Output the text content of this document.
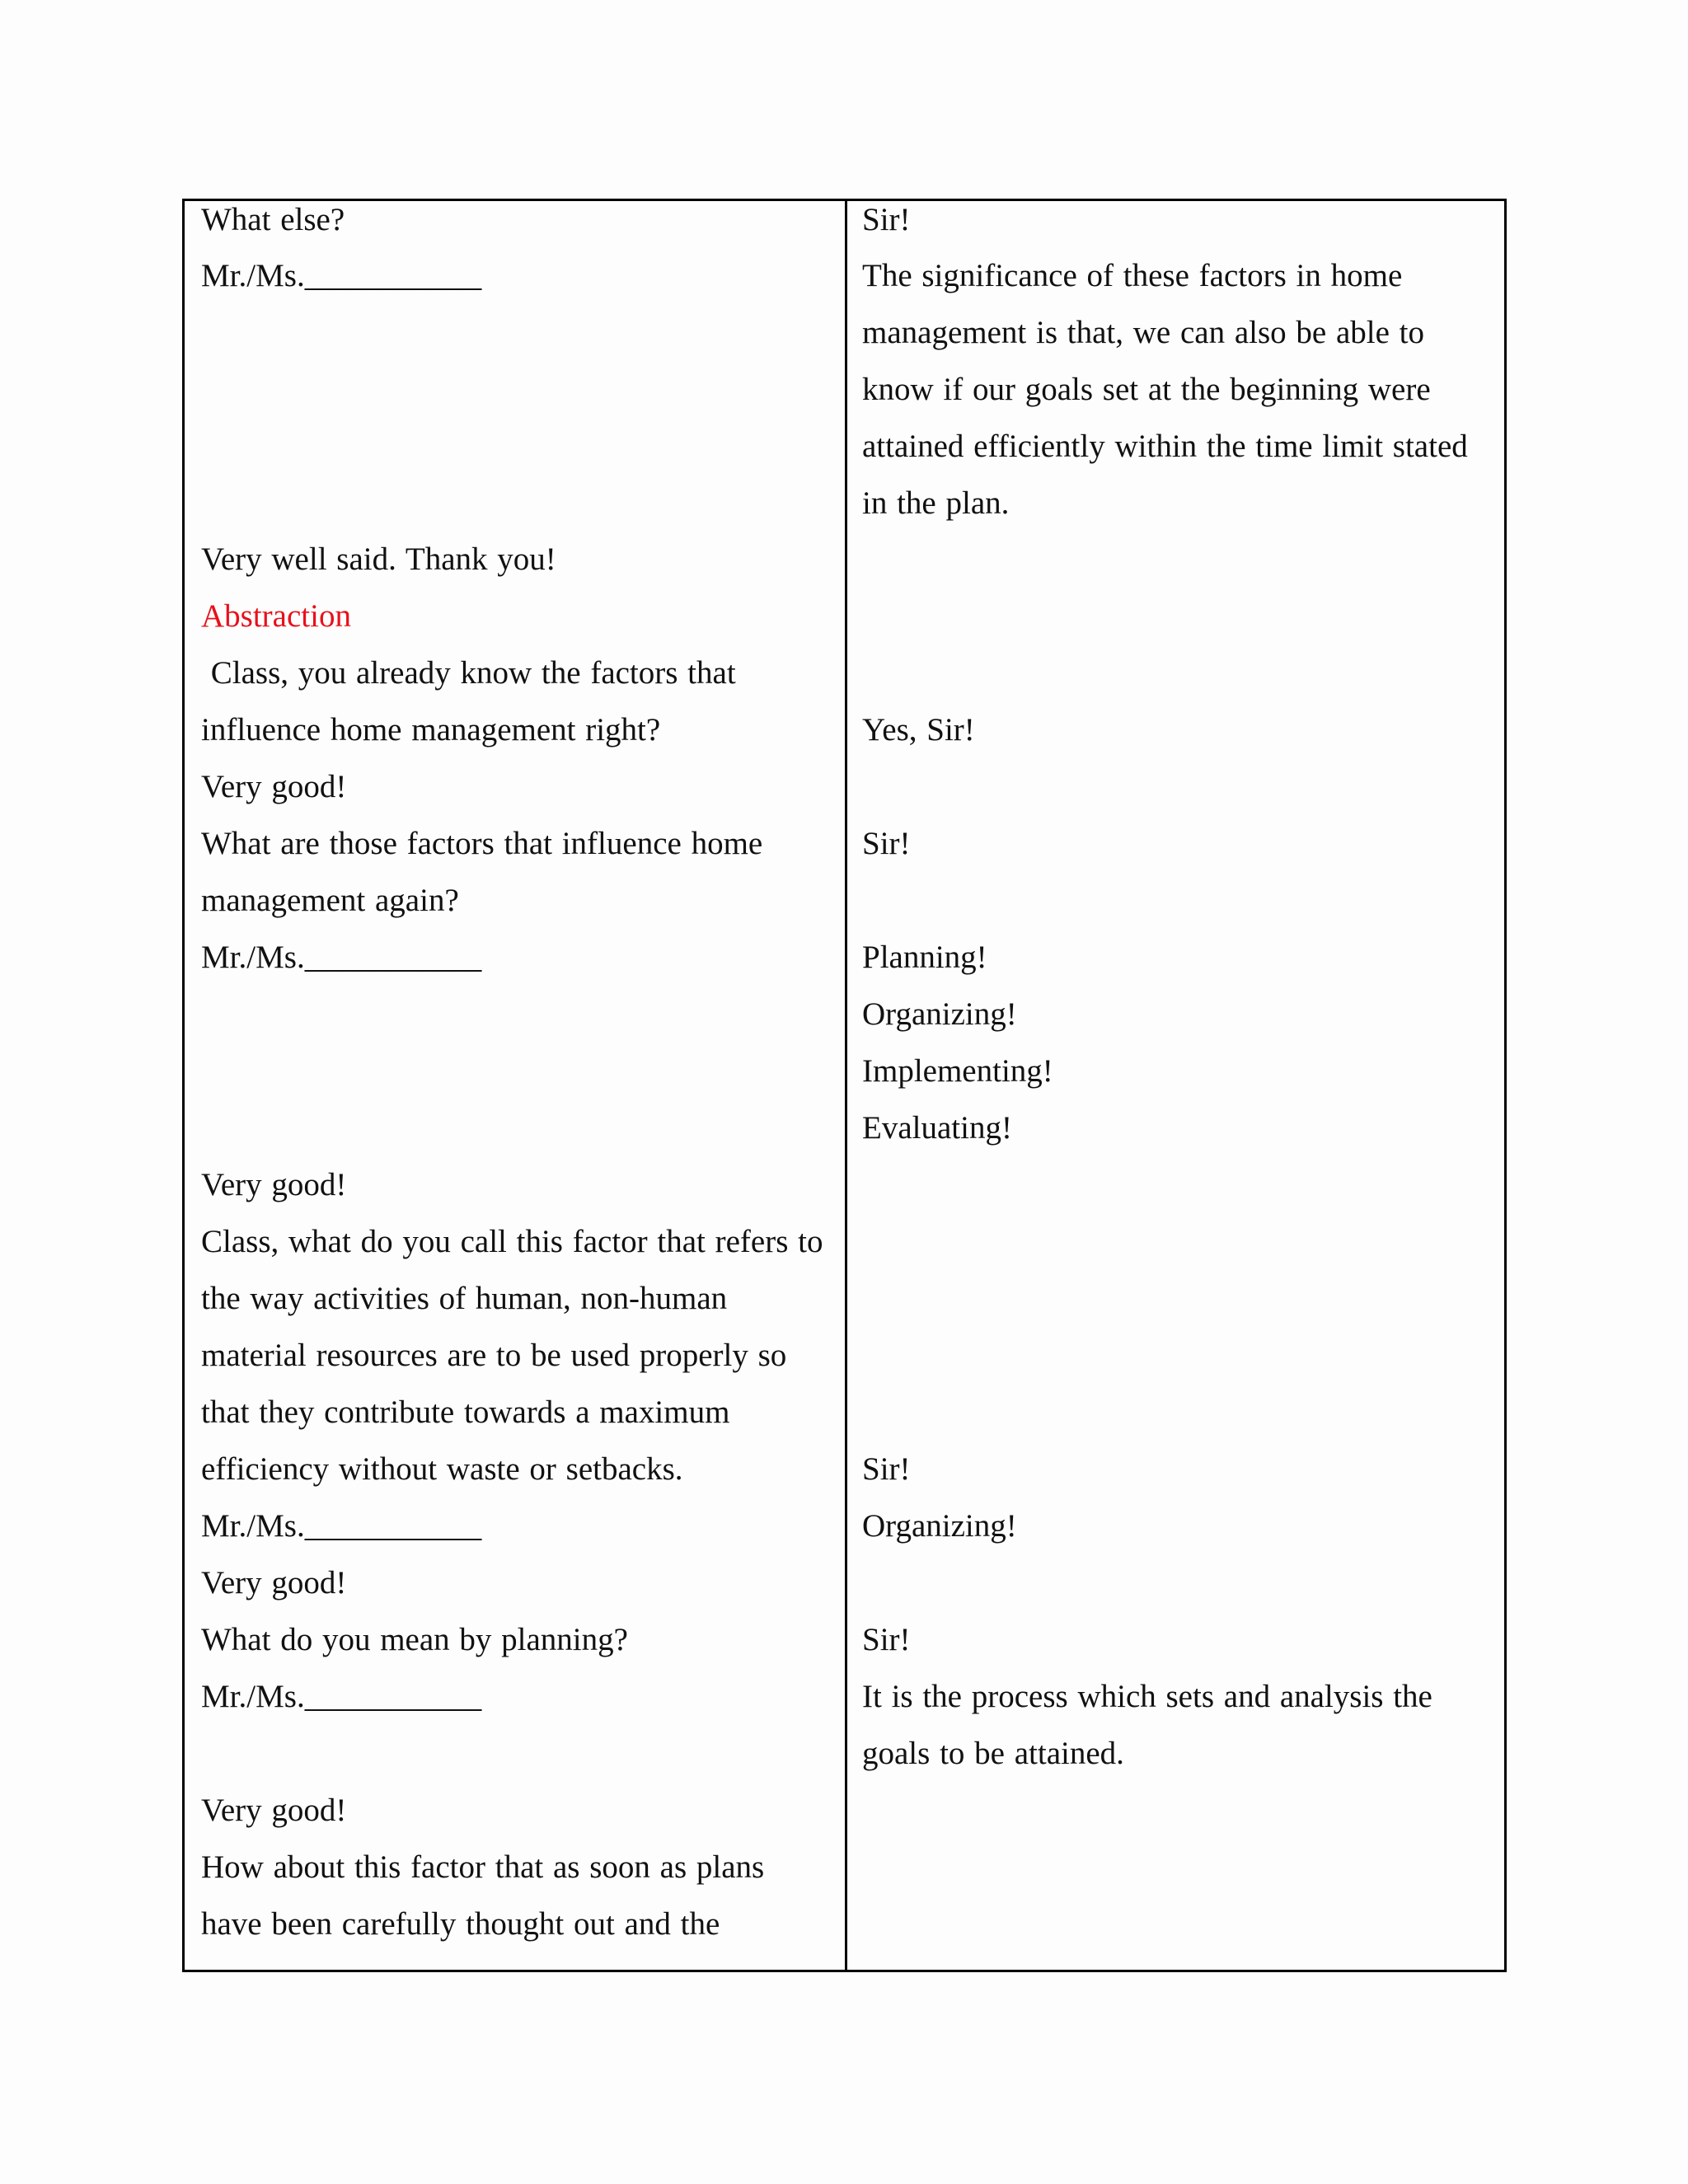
What else?
Mr./Ms.___________
Very well said. Thank you!
Abstraction
Class, you already know the factors that
influence home management right?
Very good!
What are those factors that influence home
management again?
Mr./Ms.___________
Very good!
Class, what do you call this factor that refers to
the way activities of human, non-human
material resources are to be used properly so
that they contribute towards a maximum
efficiency without waste or setbacks.
Mr./Ms.___________
Very good!
What do you mean by planning?
Mr./Ms.___________
Very good!
How about this factor that as soon as plans
have been carefully thought out and the
Sir!
The significance of these factors in home
management is that, we can also be able to
know if our goals set at the beginning were
attained efficiently within the time limit stated
in the plan.
Yes, Sir!
Sir!
Planning!
Organizing!
Implementing!
Evaluating!
Sir!
Organizing!
Sir!
It is the process which sets and analysis the
goals to be attained.
